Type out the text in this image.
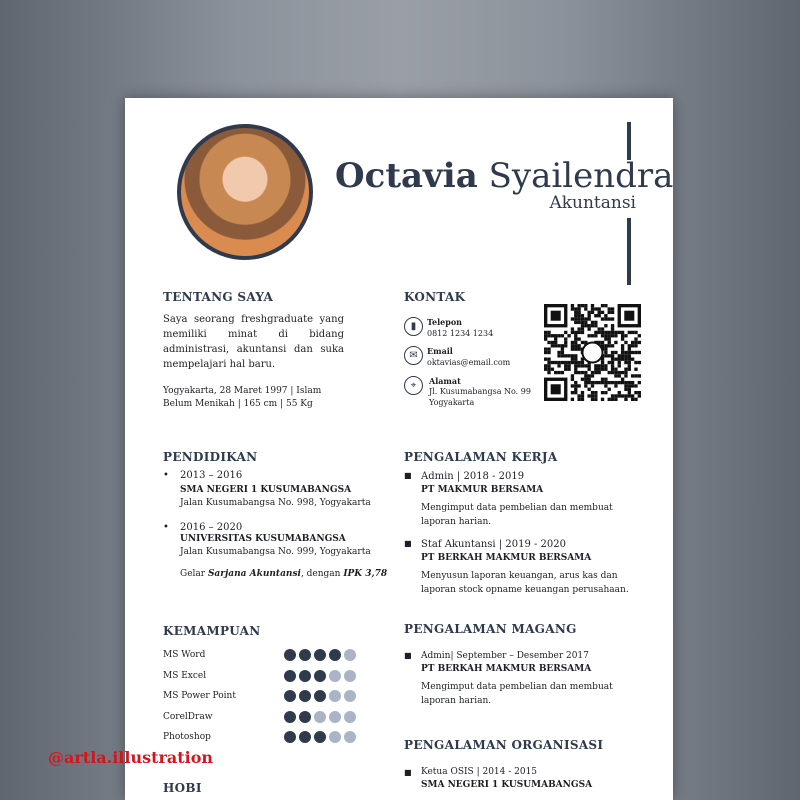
Octavia Syailendra
Akuntansi
TENTANG SAYA
Saya seorang freshgraduate yang memiliki minat di bidang administrasi, akuntansi dan suka mempelajari hal baru.
Yogyakarta, 28 Maret 1997 | Islam
Belum Menikah | 165 cm | 55 Kg
KONTAK
▮	Telepon
0812 1234 1234
✉	Email
oktavias@email.com
⌖	Alamat
Jl. Kusumabangsa No. 99
Yogyakarta
PENDIDIKAN
• 2013 – 2016
SMA NEGERI 1 KUSUMABANGSA
Jalan Kusumabangsa No. 998, Yogyakarta
• 2016 – 2020
UNIVERSITAS KUSUMABANGSA
Jalan Kusumabangsa No. 999, Yogyakarta
Gelar Sarjana Akuntansi, dengan IPK 3,78
PENGALAMAN KERJA
■ Admin | 2018 - 2019
PT MAKMUR BERSAMA
Mengimput data pembelian dan membuat laporan harian.
■ Staf Akuntansi | 2019 - 2020
PT BERKAH MAKMUR BERSAMA
Menyusun laporan keuangan, arus kas dan laporan stock opname keuangan perusahaan.
PENGALAMAN MAGANG
■ Admin| September – Desember 2017
PT BERKAH MAKMUR BERSAMA
Mengimput data pembelian dan membuat laporan harian.
PENGALAMAN ORGANISASI
■ Ketua OSIS | 2014 - 2015
SMA NEGERI 1 KUSUMABANGSA
KEMAMPUAN
MS Word
MS Excel
MS Power Point
CorelDraw
Photoshop
HOBI
@artla.illustration
